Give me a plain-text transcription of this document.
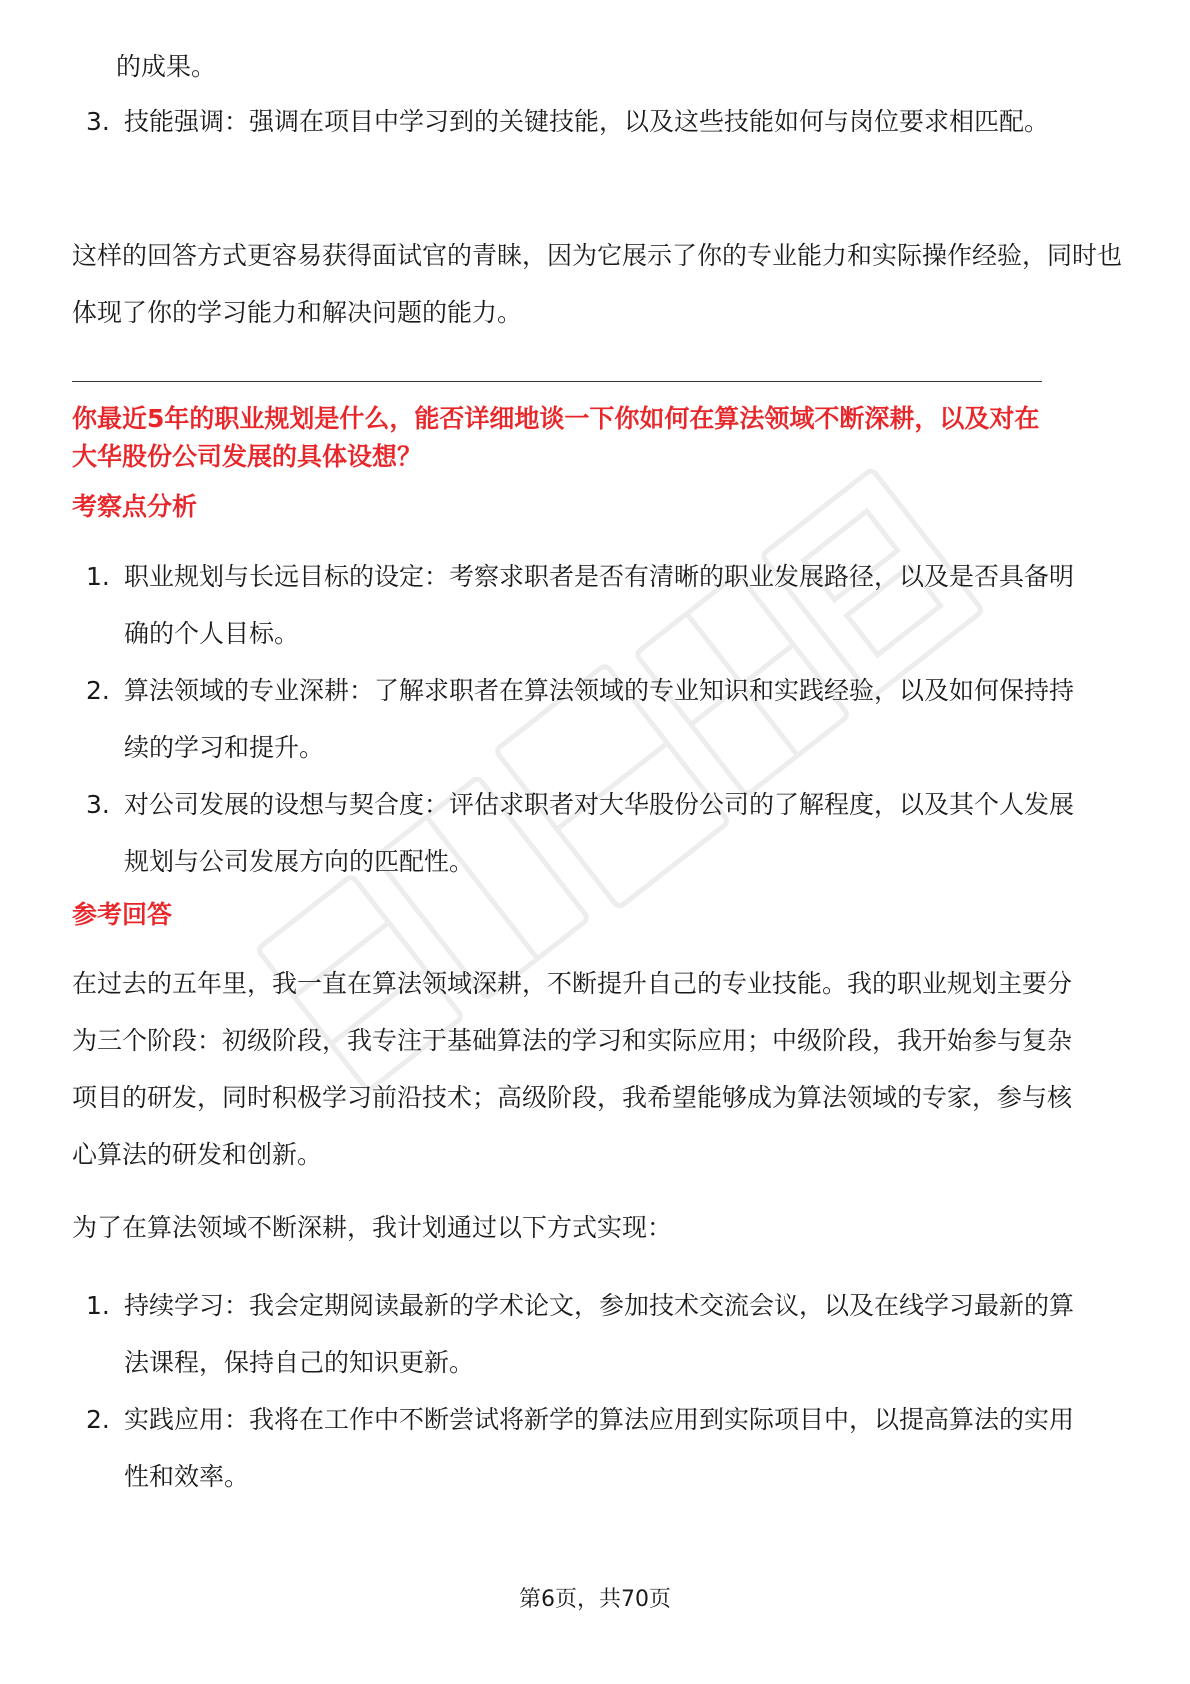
的成果。

3. 技能强调：强调在项目中学习到的关键技能，以及这些技能如何与岗位要求相匹配。

这样的回答方式更容易获得面试官的青睐，因为它展示了你的专业能力和实际操作经验，同时也体现了你的学习能力和解决问题的能力。

你最近5年的职业规划是什么，能否详细地谈一下你如何在算法领域不断深耕，以及对在大华股份公司发展的具体设想？

考察点分析

1. 职业规划与长远目标的设定：考察求职者是否有清晰的职业发展路径，以及是否具备明确的个人目标。
2. 算法领域的专业深耕：了解求职者在算法领域的专业知识和实践经验，以及如何保持持续的学习和提升。
3. 对公司发展的设想与契合度：评估求职者对大华股份公司的了解程度，以及其个人发展规划与公司发展方向的匹配性。

参考回答

在过去的五年里，我一直在算法领域深耕，不断提升自己的专业技能。我的职业规划主要分为三个阶段：初级阶段，我专注于基础算法的学习和实际应用；中级阶段，我开始参与复杂项目的研发，同时积极学习前沿技术；高级阶段，我希望能够成为算法领域的专家，参与核心算法的研发和创新。

为了在算法领域不断深耕，我计划通过以下方式实现：

1. 持续学习：我会定期阅读最新的学术论文，参加技术交流会议，以及在线学习最新的算法课程，保持自己的知识更新。
2. 实践应用：我将在工作中不断尝试将新学的算法应用到实际项目中，以提高算法的实用性和效率。
第6页，共70页
